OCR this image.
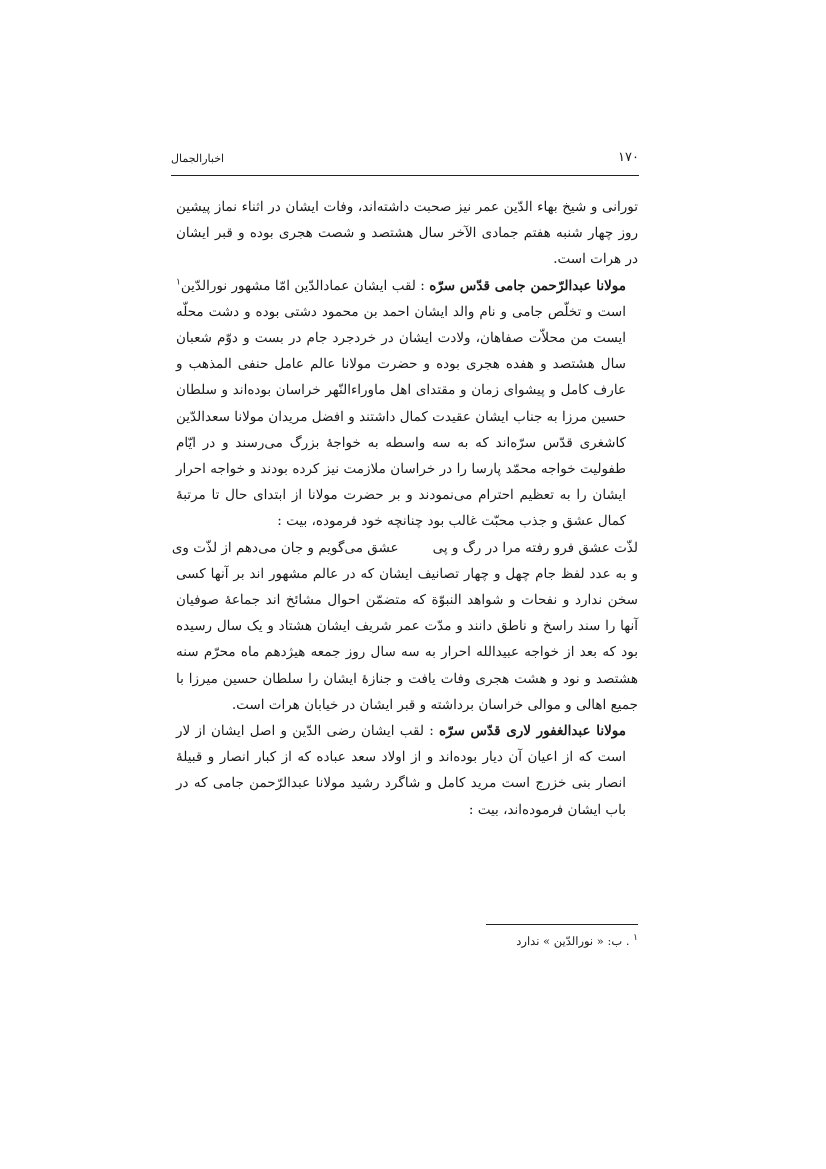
١٧٠
اخبارالجمال

تورانی و شیخ بهاء الدّین عمر نیز صحبت داشته‌اند، وفات ایشان در اثناء نماز پیشین روز چهار شنبه هفتم جمادی الآخر سال هشتصد و شصت هجری بوده و قبر ایشان در هرات است.

مولانا عبدالرّحمن جامی قدّس سرّه : لقب ایشان عمادالدّین امّا مشهور نورالدّین$^١$ است و تخلّص جامی و نام والد ایشان احمد بن محمود دشتی بوده و دشت محلّه ایست من محلاّت صفاهان، ولادت ایشان در خردجرد جام در بست و دوّم شعبان سال هشتصد و هفده هجری بوده و حضرت مولانا عالم عامل حنفی المذهب و عارف کامل و پیشوای زمان و مقتدای اهل ماوراءالنّهر خراسان بوده‌اند و سلطان حسین مرزا به جناب ایشان عقیدت کمال داشتند و افضل مریدان مولانا سعدالدّین کاشغری قدّس سرّه‌اند که به سه واسطه به خواجهٔ بزرگ می‌رسند و در ایّام طفولیت خواجه محمّد پارسا را در خراسان ملازمت نیز کرده بودند و خواجه احرار ایشان را به تعظیم احترام می‌نمودند و بر حضرت مولانا از ابتدای حال تا مرتبهٔ کمال عشق و جذب محبّت غالب بود چنانچه خود فرموده، بیت :

لذّت عشق فرو رفته مرا در رگ و پی
عشق می‌گویم و جان می‌دهم از لذّت وی

و به عدد لفظ جام چهل و چهار تصانیف ایشان که در عالم مشهور اند بر آنها کسی سخن ندارد و نفحات و شواهد النبوّة که متضمّن احوال مشائخ اند جماعهٔ صوفیان آنها را سند راسخ و ناطق دانند و مدّت عمر شریف ایشان هشتاد و یک سال رسیده بود که بعد از خواجه عبیدالله احرار به سه سال روز جمعه هیژدهم ماه محرّم سنه هشتصد و نود و هشت هجری وفات یافت و جنازهٔ ایشان را سلطان حسین میرزا با جمیع اهالی و موالی خراسان برداشته و قبر ایشان در خیابان هرات است.

مولانا عبدالغفور لاری قدّس سرّه : لقب ایشان رضی الدّین و اصل ایشان از لار است که از اعیان آن دیار بوده‌اند و از اولاد سعد عباده که از کبار انصار و قبیلهٔ انصار بنی خزرج است مرید کامل و شاگرد رشید مولانا عبدالرّحمن جامی که در باب ایشان فرموده‌اند، بیت :

$^١$ . ب: « نورالدّین » ندارد
